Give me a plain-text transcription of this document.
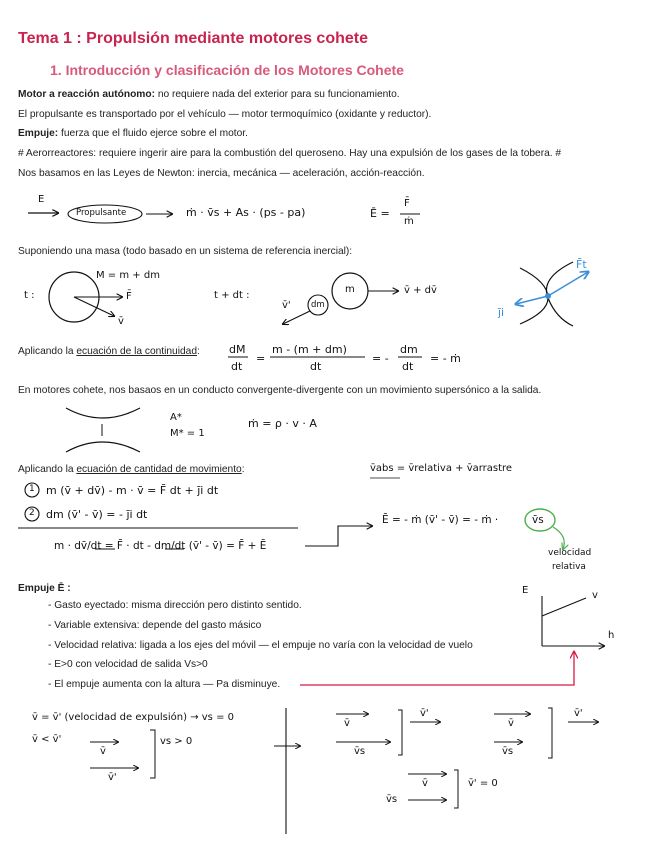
Tema 1 : Propulsión mediante motores cohete
1. Introducción y clasificación de los Motores Cohete
Motor a reacción autónomo: no requiere nada del exterior para su funcionamiento.
El propulsante es transportado por el vehículo — motor termoquímico (oxidante y reductor).
Empuje: fuerza que el fluido ejerce sobre el motor.
# Aerorreactores: requiere ingerir aire para la combustión del queroseno. Hay una expulsión de los gases de la tobera. #
Nos basamos en las Leyes de Newton: inercia, mecánica — aceleración, acción-reacción.
Suponiendo una masa (todo basado en un sistema de referencia inercial):
Aplicando la ecuación de la continuidad:
En motores cohete, nos basaos en un conducto convergente-divergente con un movimiento supersónico a la salida.
Aplicando la ecuación de cantidad de movimiento:
E
Propulsante	ṁ · v̄s + As · (ps - pa)	Ē =
F̄
ṁ
t :
M = m + dm
F̄
v̄
t + dt :
m
dm
v̄'
v̄ + dv̄
F̄t
j̄i
dM
dt
=
m - (m + dm)
dt
= -
dm
dt
= - ṁ
A*
M* = 1
ṁ = ρ · v · A
v̄abs = v̄relativa + v̄arrastre
1 m (v̄ + dv̄) - m · v̄ = F̄ dt + j̄i dt
2 dm (v̄' - v̄) = - j̄i dt
m · dv̄/dt = F̄ · dt - dm/dt (v̄' - v̄) = F̄ + Ē
Ē = - ṁ (v̄' - v̄) = - ṁ ·	v̄s
velocidad
relativa
Empuje Ē :
- Gasto eyectado: misma dirección pero distinto sentido.
- Variable extensiva: depende del gasto másico
- Velocidad relativa: ligada a los ejes del móvil — el empuje no varía con la velocidad de vuelo
- E>0 con velocidad de salida Vs>0
- El empuje aumenta con la altura — Pa disminuye.
E	v
h
v̄ = v̄' (velocidad de expulsión) → vs = 0
v̄ < v̄'
v̄
v̄'
vs > 0
v̄
v̄s
v̄'
v̄
v̄s
v̄'
v̄
v̄s
v̄' = 0
